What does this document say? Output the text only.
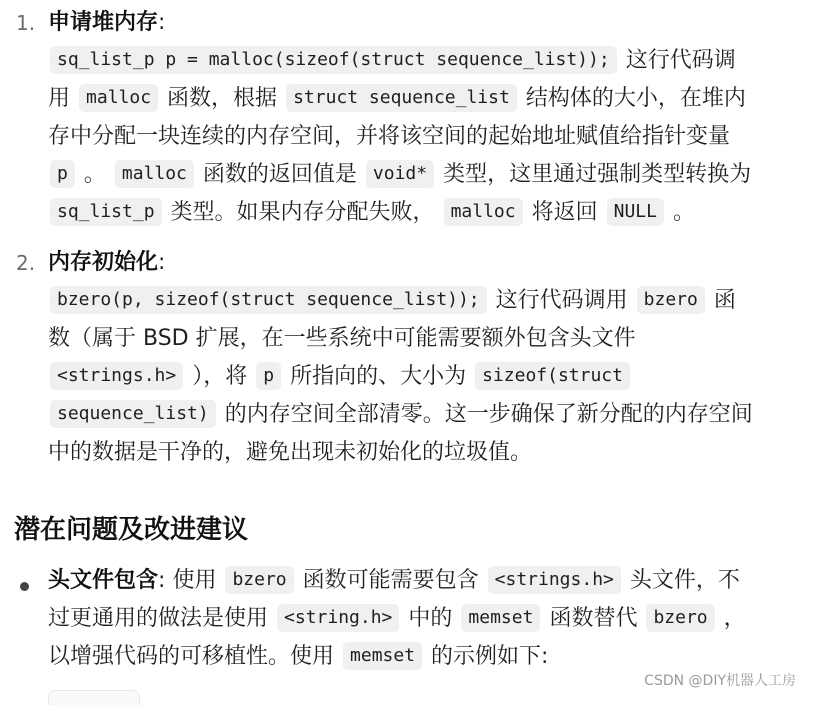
1. 申请堆内存:
sq_list_p p = malloc(sizeof(struct sequence_list)); 这行代码调
用 malloc 函数，根据 struct sequence_list 结构体的大小，在堆内
存中分配一块连续的内存空间，并将该空间的起始地址赋值给指针变量
p 。 malloc 函数的返回值是 void* 类型，这里通过强制类型转换为
sq_list_p 类型。如果内存分配失败， malloc 将返回 NULL 。
2. 内存初始化:
bzero(p, sizeof(struct sequence_list)); 这行代码调用 bzero 函
数（属于 BSD 扩展，在一些系统中可能需要额外包含头文件
<strings.h> ），将 p 所指向的、大小为 sizeof(struct
sequence_list) 的内存空间全部清零。这一步确保了新分配的内存空间
中的数据是干净的，避免出现未初始化的垃圾值。
潜在问题及改进建议
头文件包含: 使用 bzero 函数可能需要包含 <strings.h> 头文件，不
过更通用的做法是使用 <string.h> 中的 memset 函数替代 bzero ，
以增强代码的可移植性。使用 memset 的示例如下:
CSDN @DIY机器人工房
